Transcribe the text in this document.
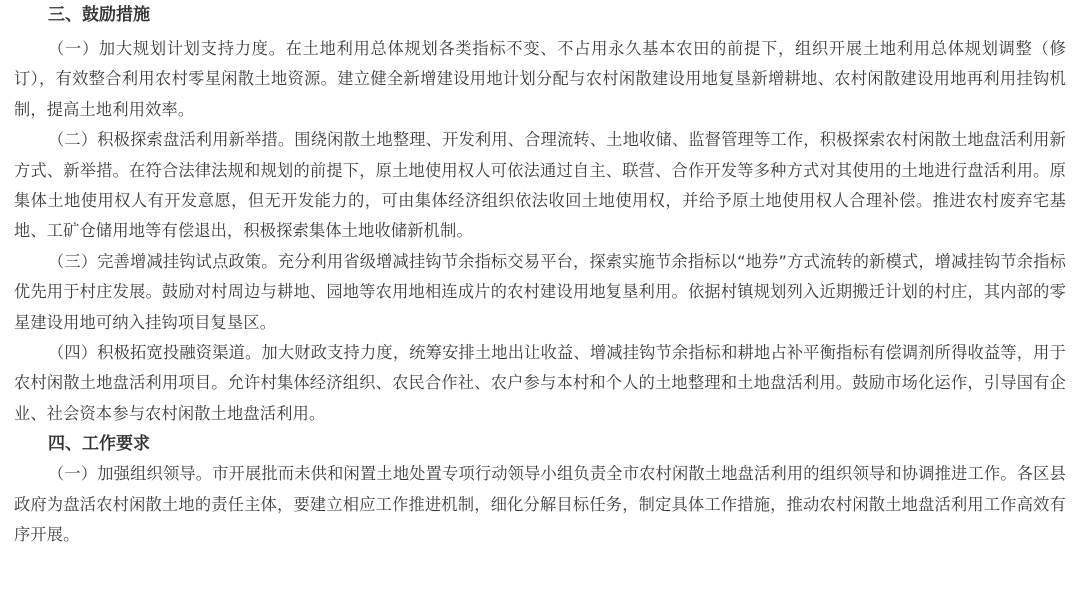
三、鼓励措施

（一）加大规划计划支持力度。在土地利用总体规划各类指标不变、不占用永久基本农田的前提下，组织开展土地利用总体规划调整（修订），有效整合利用农村零星闲散土地资源。建立健全新增建设用地计划分配与农村闲散建设用地复垦新增耕地、农村闲散建设用地再利用挂钩机制，提高土地利用效率。

（二）积极探索盘活利用新举措。围绕闲散土地整理、开发利用、合理流转、土地收储、监督管理等工作，积极探索农村闲散土地盘活利用新方式、新举措。在符合法律法规和规划的前提下，原土地使用权人可依法通过自主、联营、合作开发等多种方式对其使用的土地进行盘活利用。原集体土地使用权人有开发意愿，但无开发能力的，可由集体经济组织依法收回土地使用权，并给予原土地使用权人合理补偿。推进农村废弃宅基地、工矿仓储用地等有偿退出，积极探索集体土地收储新机制。

（三）完善增减挂钩试点政策。充分利用省级增减挂钩节余指标交易平台，探索实施节余指标以“地券”方式流转的新模式，增减挂钩节余指标优先用于村庄发展。鼓励对村周边与耕地、园地等农用地相连成片的农村建设用地复垦利用。依据村镇规划列入近期搬迁计划的村庄，其内部的零星建设用地可纳入挂钩项目复垦区。

（四）积极拓宽投融资渠道。加大财政支持力度，统筹安排土地出让收益、增减挂钩节余指标和耕地占补平衡指标有偿调剂所得收益等，用于农村闲散土地盘活利用项目。允许村集体经济组织、农民合作社、农户参与本村和个人的土地整理和土地盘活利用。鼓励市场化运作，引导国有企业、社会资本参与农村闲散土地盘活利用。

四、工作要求

（一）加强组织领导。市开展批而未供和闲置土地处置专项行动领导小组负责全市农村闲散土地盘活利用的组织领导和协调推进工作。各区县政府为盘活农村闲散土地的责任主体，要建立相应工作推进机制，细化分解目标任务，制定具体工作措施，推动农村闲散土地盘活利用工作高效有序开展。
